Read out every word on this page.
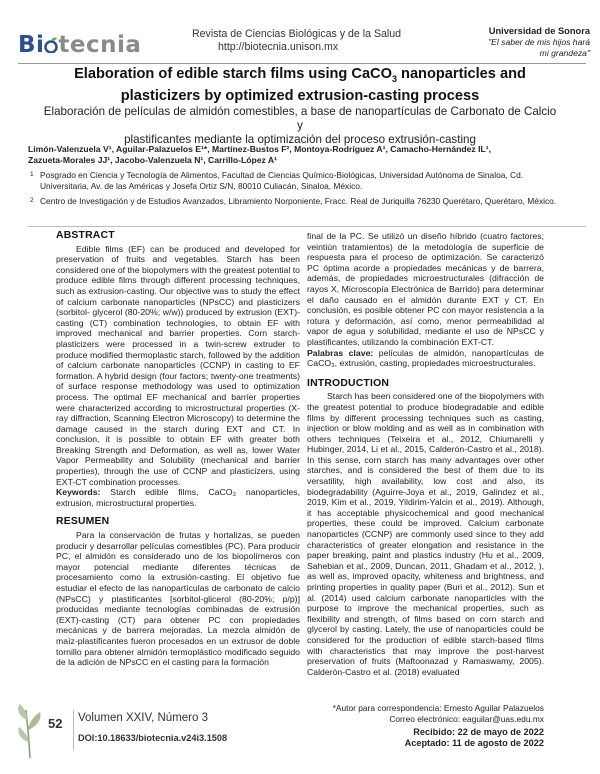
Bi tecnia	Revista de Ciencias Biológicas y de la Salud
http://biotecnia.unison.mx
Universidad de Sonora
"El saber de mis hijos hará
mi grandeza"
Elaboration of edible starch films using CaCO$_3$ nanoparticles and
plasticizers by optimized extrusion-casting process
Elaboración de películas de almidón comestibles, a base de nanopartículas de Carbonato de Calcio y
plastificantes mediante la optimización del proceso extrusión-casting
Limón-Valenzuela V¹, Aguilar-Palazuelos E¹*, Martínez-Bustos F², Montoya-Rodríguez A¹, Camacho-Hernández IL¹,
Zazueta-Morales JJ¹, Jacobo-Valenzuela N¹, Carrillo-López A¹
1 Posgrado en Ciencia y Tecnología de Alimentos, Facultad de Ciencias Químico-Biológicas, Universidad Autónoma de Sinaloa, Cd. Universitaria, Av. de las Américas y Josefa Ortiz S/N, 80010 Culiacán, Sinaloa, México.
2 Centro de Investigación y de Estudios Avanzados, Libramiento Norponiente, Fracc. Real de Juriquilla 76230 Querétaro, Querétaro, México.
ABSTRACT

Edible films (EF) can be produced and developed for preservation of fruits and vegetables. Starch has been considered one of the biopolymers with the greatest potential to produce edible films through different processing techniques, such as extrusion-casting. Our objective was to study the effect of calcium carbonate nanoparticles (NPsCC) and plasticizers (sorbitol- glycerol (80-20%; w/w)) produced by extrusion (EXT)-casting (CT) combination technologies, to obtain EF with improved mechanical and barrier properties. Corn starch-plasticizers were processed in a twin-screw extruder to produce modified thermoplastic starch, followed by the addition of calcium carbonate nanoparticles (CCNP) in casting to EF formation. A hybrid design (four factors; twenty-one treatments) of surface response methodology was used to optimization process. The optimal EF mechanical and barrier properties were characterized according to microstructural properties (X-ray diffraction, Scanning Electron Microscopy) to determine the damage caused in the starch during EXT and CT. In conclusion, it is possible to obtain EF with greater both Breaking Strength and Deformation, as well as, lower Water Vapor Permeability and Solubility (mechanical and barrier properties), through the use of CCNP and plasticizers, using EXT-CT combination processes.

Keywords: Starch edible films, CaCO₃ nanoparticles, extrusion, microstructural properties.

RESUMEN

Para la conservación de frutas y hortalizas, se pueden producir y desarrollar películas comestibles (PC). Para producir PC, el almidón es considerado uno de los biopolímeros con mayor potencial mediante diferentes técnicas de procesamiento como la extrusión-casting. El objetivo fue estudiar el efecto de las nanopartículas de carbonato de calcio (NPsCC) y plastificantes [sorbitol-glicerol (80-20%; p/p)] producidas mediante tecnologías combinadas de extrusión (EXT)-casting (CT) para obtener PC con propiedades mecánicas y de barrera mejoradas. La mezcla almidón de maíz-plastificantes fueron procesados en un extrusor de doble tornillo para obtener almidón termoplástico modificado seguido de la adición de NPsCC en el casting para la formación

final de la PC. Se utilizó un diseño híbrido (cuatro factores; veintiún tratamientos) de la metodología de superficie de respuesta para el proceso de optimización. Se caracterizó PC óptima acorde a propiedades mecánicas y de barrera, además, de propiedades microestructurales (difracción de rayos X, Microscopía Electrónica de Barrido) para determinar el daño causado en el almidón durante EXT y CT. En conclusión, es posible obtener PC con mayor resistencia a la rotura y deformación, así como, menor permeabilidad al vapor de agua y solubilidad, mediante el uso de NPsCC y plastificantes, utilizando la combinación EXT-CT.

Palabras clave: películas de almidón, nanopartículas de CaCO₃, extrusión, casting, propiedades microestructurales.

INTRODUCTION

Starch has been considered one of the biopolymers with the greatest potential to produce biodegradable and edible films by different processing techniques such as casting, injection or blow molding and as well as in combination with others techniques (Teixeira et al., 2012, Chiumarelli y Hubinger, 2014, Li et al., 2015, Calderón-Castro et al., 2018). In this sense, corn starch has many advantages over other starches, and is considered the best of them due to its versatility, high availability, low cost and also, its biodegradability (Aguirre-Joya et al., 2019, Galindez et al., 2019, Kim et al., 2019, Yildirim-Yalcin et al., 2019). Although, it has acceptable physicochemical and good mechanical properties, these could be improved. Calcium carbonate nanoparticles (CCNP) are commonly used since to they add characteristics of greater elongation and resistance in the paper breaking, paint and plastics industry (Hu et al., 2009, Sahebian et al., 2009, Duncan, 2011, Ghadam et al., 2012, ), as well as, improved opacity, whiteness and brightness, and printing properties in quality paper (Buri et al., 2012). Sun et al. (2014) used calcium carbonate nanoparticles with the purpose to improve the mechanical properties, such as flexibility and strength, of films based on corn starch and glycerol by casting. Lately, the use of nanoparticles could be considered for the production of edible starch-based films with characteristics that may improve the post-harvest preservation of fruits (Maftoonazad y Ramaswamy, 2005). Calderón-Castro et al. (2018) evaluated

52 Volumen XXIV, Número 3
DOI:10.18633/biotecnia.v24i3.1508
*Autor para correspondencia: Ernesto Aguilar Palazuelos
Correo electrónico: eaguilar@uas.edu.mx
Recibido: 22 de mayo de 2022
Aceptado: 11 de agosto de 2022
